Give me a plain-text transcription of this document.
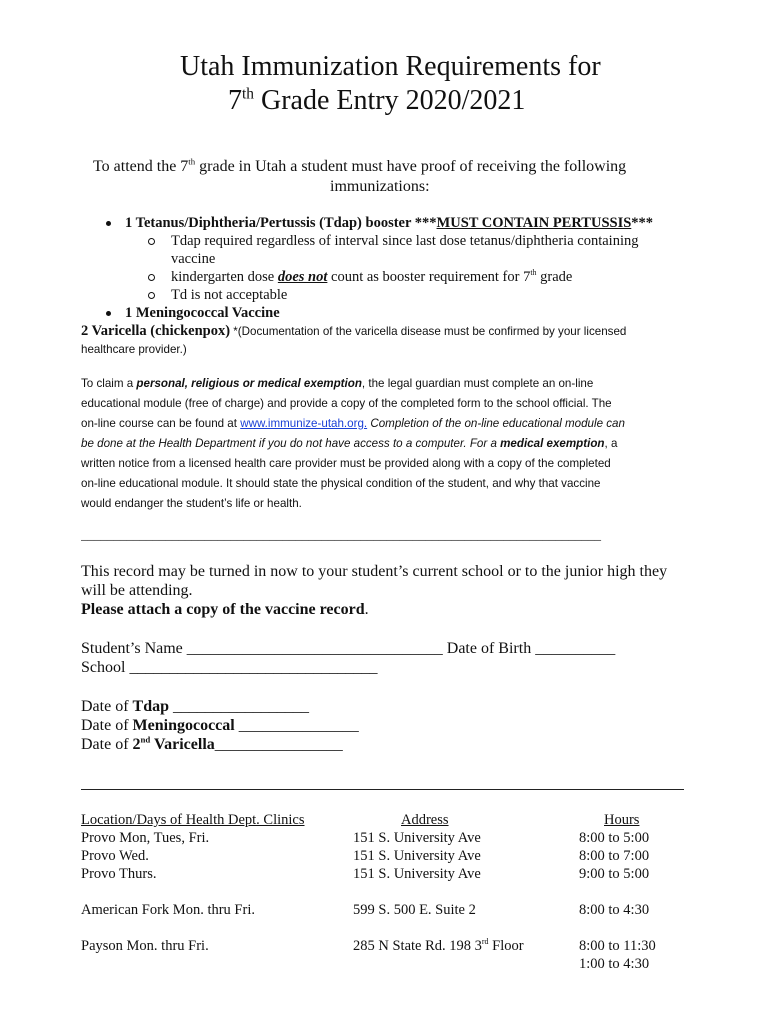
Utah Immunization Requirements for
7th Grade Entry 2020/2021
To attend the 7th grade in Utah a student must have proof of receiving the following
immunizations:
1 Tetanus/Diphtheria/Pertussis (Tdap) booster ***MUST CONTAIN PERTUSSIS***
Tdap required regardless of interval since last dose tetanus/diphtheria containing
vaccine
kindergarten dose does not count as booster requirement for 7th grade
Td is not acceptable
1 Meningococcal Vaccine
2 Varicella (chickenpox) *(Documentation of the varicella disease must be confirmed by your licensed
healthcare provider.)
To claim a personal, religious or medical exemption, the legal guardian must complete an on-line
educational module (free of charge) and provide a copy of the completed form to the school official. The
on-line course can be found at www.immunize-utah.org. Completion of the on-line educational module can
be done at the Health Department if you do not have access to a computer. For a medical exemption, a
written notice from a licensed health care provider must be provided along with a copy of the completed
on-line educational module. It should state the physical condition of the student, and why that vaccine
would endanger the student’s life or health.
________________________________________________________________________________
This record may be turned in now to your student’s current school or to the junior high they
will be attending.
Please attach a copy of the vaccine record.
Student’s Name ________________________________ Date of Birth __________
School _______________________________
Date of Tdap _________________
Date of Meningococcal _______________
Date of 2nd Varicella________________
Location/Days of Health Dept. Clinics	Address	Hours
Provo Mon, Tues, Fri.	151 S. University Ave	8:00 to 5:00
Provo Wed.	151 S. University Ave	8:00 to 7:00
Provo Thurs.	151 S. University Ave	9:00 to 5:00

American Fork Mon. thru Fri.	599 S. 500 E. Suite 2	8:00 to 4:30

Payson Mon. thru Fri.	285 N State Rd. 198 3rd Floor	8:00 to 11:30
		1:00 to 4:30
